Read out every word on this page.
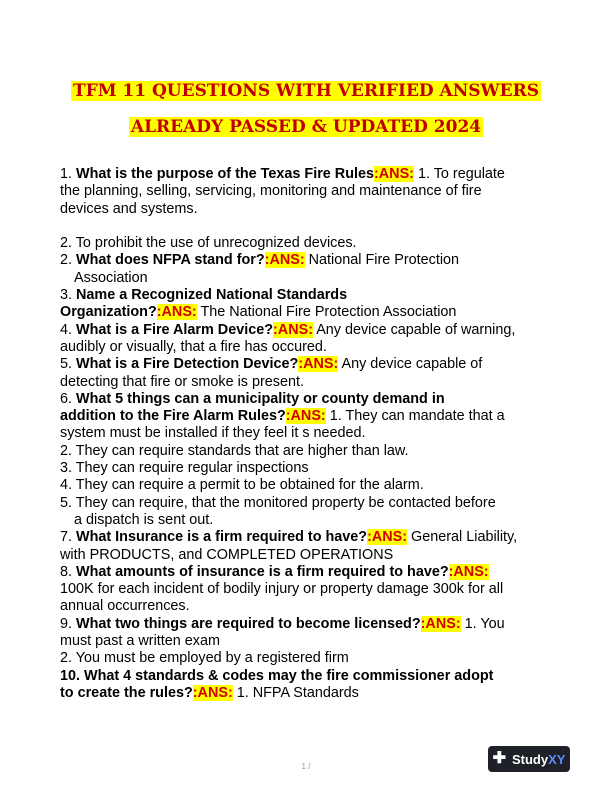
TFM 11 QUESTIONS WITH VERIFIED ANSWERS
ALREADY PASSED & UPDATED 2024
1. What is the purpose of the Texas Fire Rules:ANS: 1. To regulate
the planning, selling, servicing, monitoring and maintenance of fire
devices and systems.
2. To prohibit the use of unrecognized devices.
2. What does NFPA stand for?:ANS: National Fire Protection
Association
3. Name a Recognized National Standards
Organization?:ANS: The National Fire Protection Association
4. What is a Fire Alarm Device?:ANS: Any device capable of warning,
audibly or visually, that a fire has occured.
5. What is a Fire Detection Device?:ANS: Any device capable of
detecting that fire or smoke is present.
6. What 5 things can a municipality or county demand in
addition to the Fire Alarm Rules?:ANS: 1. They can mandate that a
system must be installed if they feel it s needed.
2. They can require standards that are higher than law.
3. They can require regular inspections
4. They can require a permit to be obtained for the alarm.
5. They can require, that the monitored property be contacted before
a dispatch is sent out.
7. What Insurance is a firm required to have?:ANS: General Liability,
with PRODUCTS, and COMPLETED OPERATIONS
8. What amounts of insurance is a firm required to have?:ANS:
100K for each incident of bodily injury or property damage 300k for all
annual occurrences.
9. What two things are required to become licensed?:ANS: 1. You
must past a written exam
2. You must be employed by a registered firm
10. What 4 standards & codes may the fire commissioner adopt
to create the rules?:ANS: 1. NFPA Standards
1 /	✚ StudyXY
